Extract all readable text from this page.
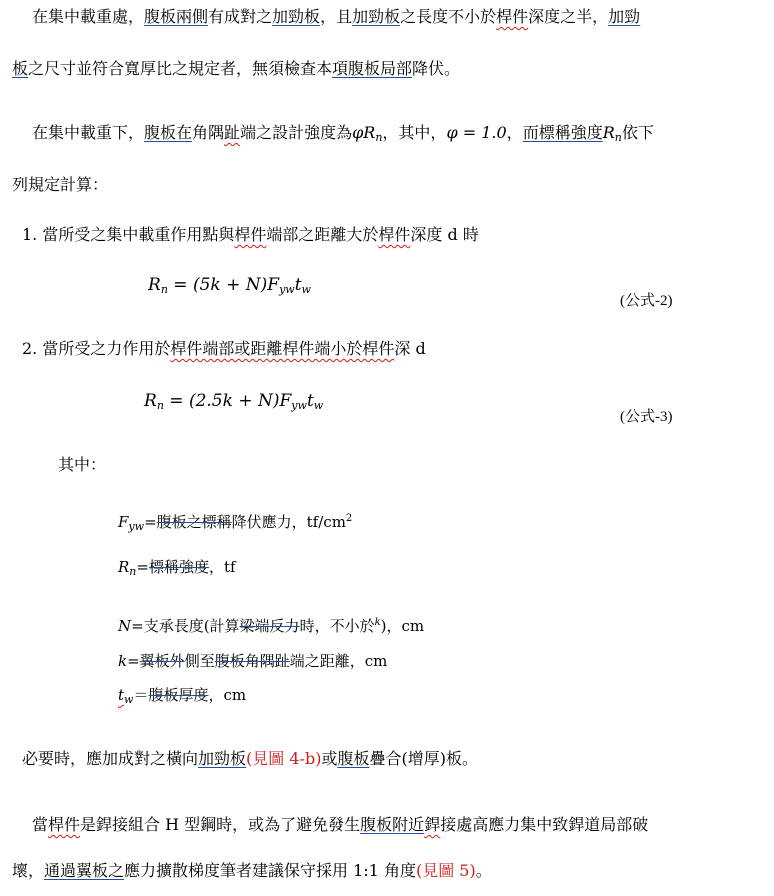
在集中載重處，腹板兩側有成對之加勁板，且加勁板之長度不小於桿件深度之半，加勁
板之尺寸並符合寬厚比之規定者，無須檢查本項腹板局部降伏。
在集中載重下，腹板在角隅趾端之設計強度為$\varphi R_n$，其中，φ = 1.0，而標稱強度$R_n$依下
列規定計算：
1. 當所受之集中載重作用點與桿件端部之距離大於桿件深度 d 時
$R_n = (5k + N)F_{yw}t_w$
(公式-2)
2. 當所受之力作用於桿件端部或距離桿件端小於桿件深 d
$R_n = (2.5k + N)F_{yw}t_w$
(公式-3)
其中：
$F_{yw}=$腹板之標稱降伏應力，$tf/cm^2$
$R_n=$標稱強度，tf
N=支承長度(計算梁端反力時，不小於$^k$)，cm
k=翼板外側至腹板角隅趾端之距離，cm
$t_w=$腹板厚度，cm
必要時，應加成對之橫向加勁板(見圖 4-b)或腹板疊合(增厚)板。
當桿件是銲接組合 H 型鋼時，或為了避免發生腹板附近銲接處高應力集中致銲道局部破
壞，通過翼板之應力擴散梯度筆者建議保守採用 1:1 角度(見圖 5)。
